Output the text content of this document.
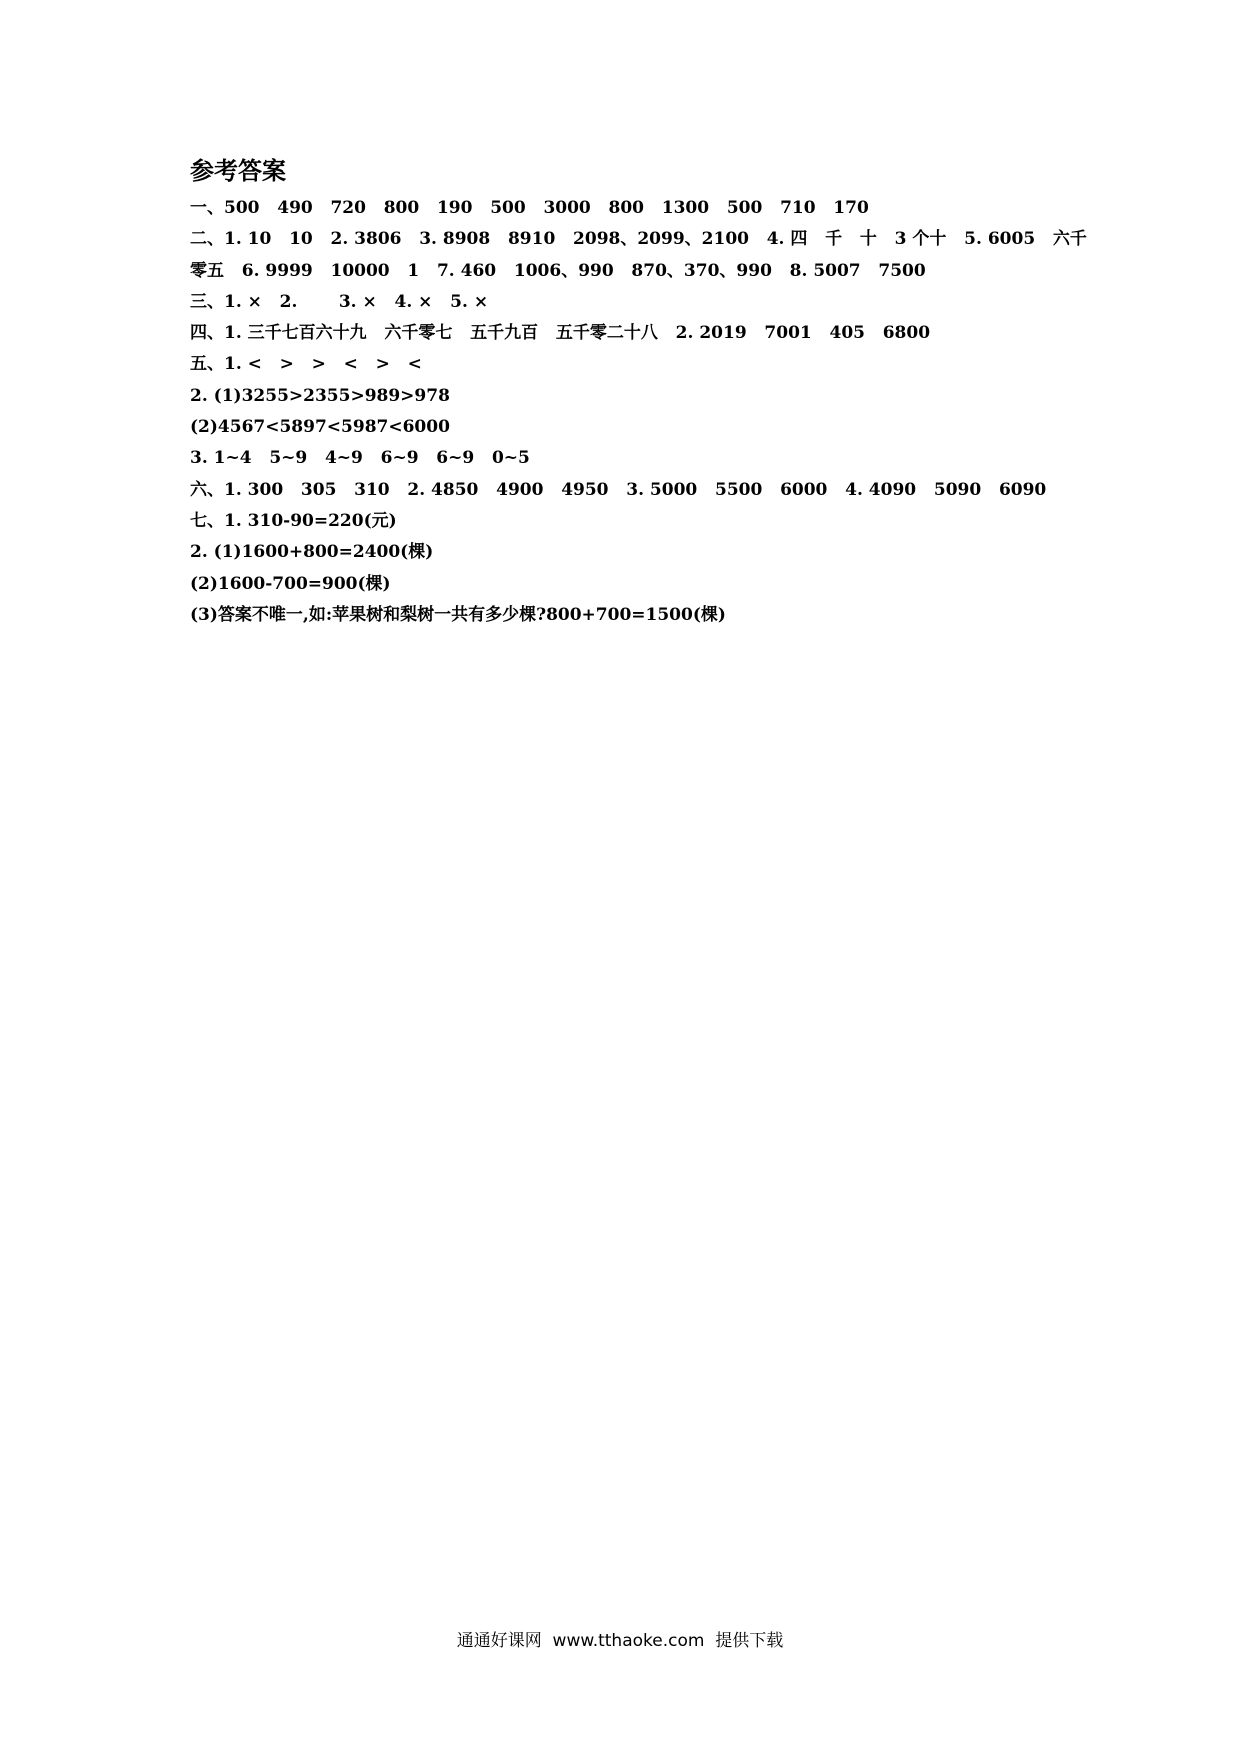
参考答案
一、500   490   720   800   190   500   3000   800   1300   500   710   170
二、1. 10   10   2. 3806   3. 8908   8910   2098、2099、2100   4. 四   千   十   3 个十   5. 6005   六千
零五   6. 9999   10000   1   7. 460   1006、990   870、370、990   8. 5007   7500
三、1. ×   2.       3. ×   4. ×   5. ×
四、1. 三千七百六十九   六千零七   五千九百   五千零二十八   2. 2019   7001   405   6800
五、1. <   >   >   <   >   <
2. (1)3255>2355>989>978
(2)4567<5897<5987<6000
3. 1~4   5~9   4~9   6~9   6~9   0~5
六、1. 300   305   310   2. 4850   4900   4950   3. 5000   5500   6000   4. 4090   5090   6090
七、1. 310-90=220(元)
2. (1)1600+800=2400(棵)
(2)1600-700=900(棵)
(3)答案不唯一,如:苹果树和梨树一共有多少棵?800+700=1500(棵)
通通好课网  www.tthaoke.com  提供下载
